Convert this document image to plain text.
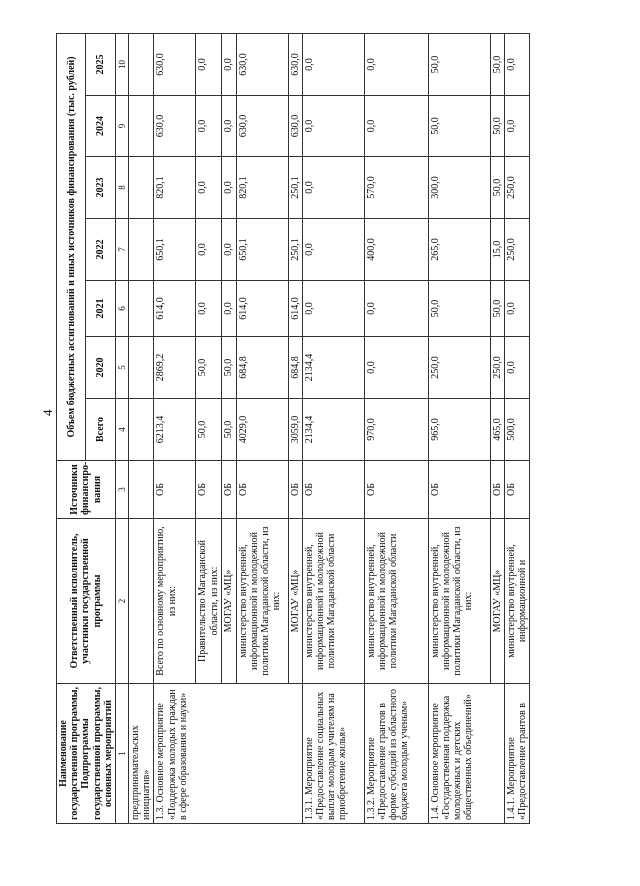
4
Наименование государственной программы, Подпрограммы государственной программы, основных мероприятий	Ответственный исполнитель, участники государственной программы	Источники финансиро-вания	Объем бюджетных ассигнований и иных источников финансирования (тыс. рублей)						
			Всего	2020	2021	2022	2023	2024	2025
1	2	3	4	5	6	7	8	9	10
предпринимательских инициатив»									
1.3. Основное мероприятие «Поддержка молодых граждан в сфере образования и науки»	Всего по основному мероприятию, из них:	ОБ	6213,4	2869,2	614,0	650,1	820,1	630,0	630,0
	Правительство Магаданской области, из них:	ОБ	50,0	50,0	0,0	0,0	0,0	0,0	0,0
	МОГАУ «МЦ»	ОБ	50,0	50,0	0,0	0,0	0,0	0,0	0,0
	министерство внутренней, информационной и молодежной политики Магаданской области, из них:	ОБ	4029,0	684,8	614,0	650,1	820,1	630,0	630,0
	МОГАУ «МЦ»	ОБ	3059,0	684,8	614,0	250,1	250,1	630,0	630,0
1.3.1. Мероприятие «Предоставление социальных выплат молодым учителям на приобретение жилья»	министерство внутренней, информационной и молодежной политики Магаданской области	ОБ	2134,4	2134,4	0,0	0,0	0,0	0,0	0,0
1.3.2. Мероприятие «Предоставление грантов в форме субсидий из областного бюджета молодым ученым»	министерство внутренней, информационной и молодежной политики Магаданской области	ОБ	970,0	0,0	0,0	400,0	570,0	0,0	0,0
1.4. Основное мероприятие «Государственная поддержка молодежных и детских общественных объединений»	министерство внутренней, информационной и молодежной политики Магаданской области, из них:	ОБ	965,0	250,0	50,0	265,0	300,0	50,0	50,0
	МОГАУ «МЦ»	ОБ	465,0	250,0	50,0	15,0	50,0	50,0	50,0
1.4.1. Мероприятие «Предоставление грантов в	министерство внутренней, информационной и	ОБ	500,0	0,0	0,0	250,0	250,0	0,0	0,0
